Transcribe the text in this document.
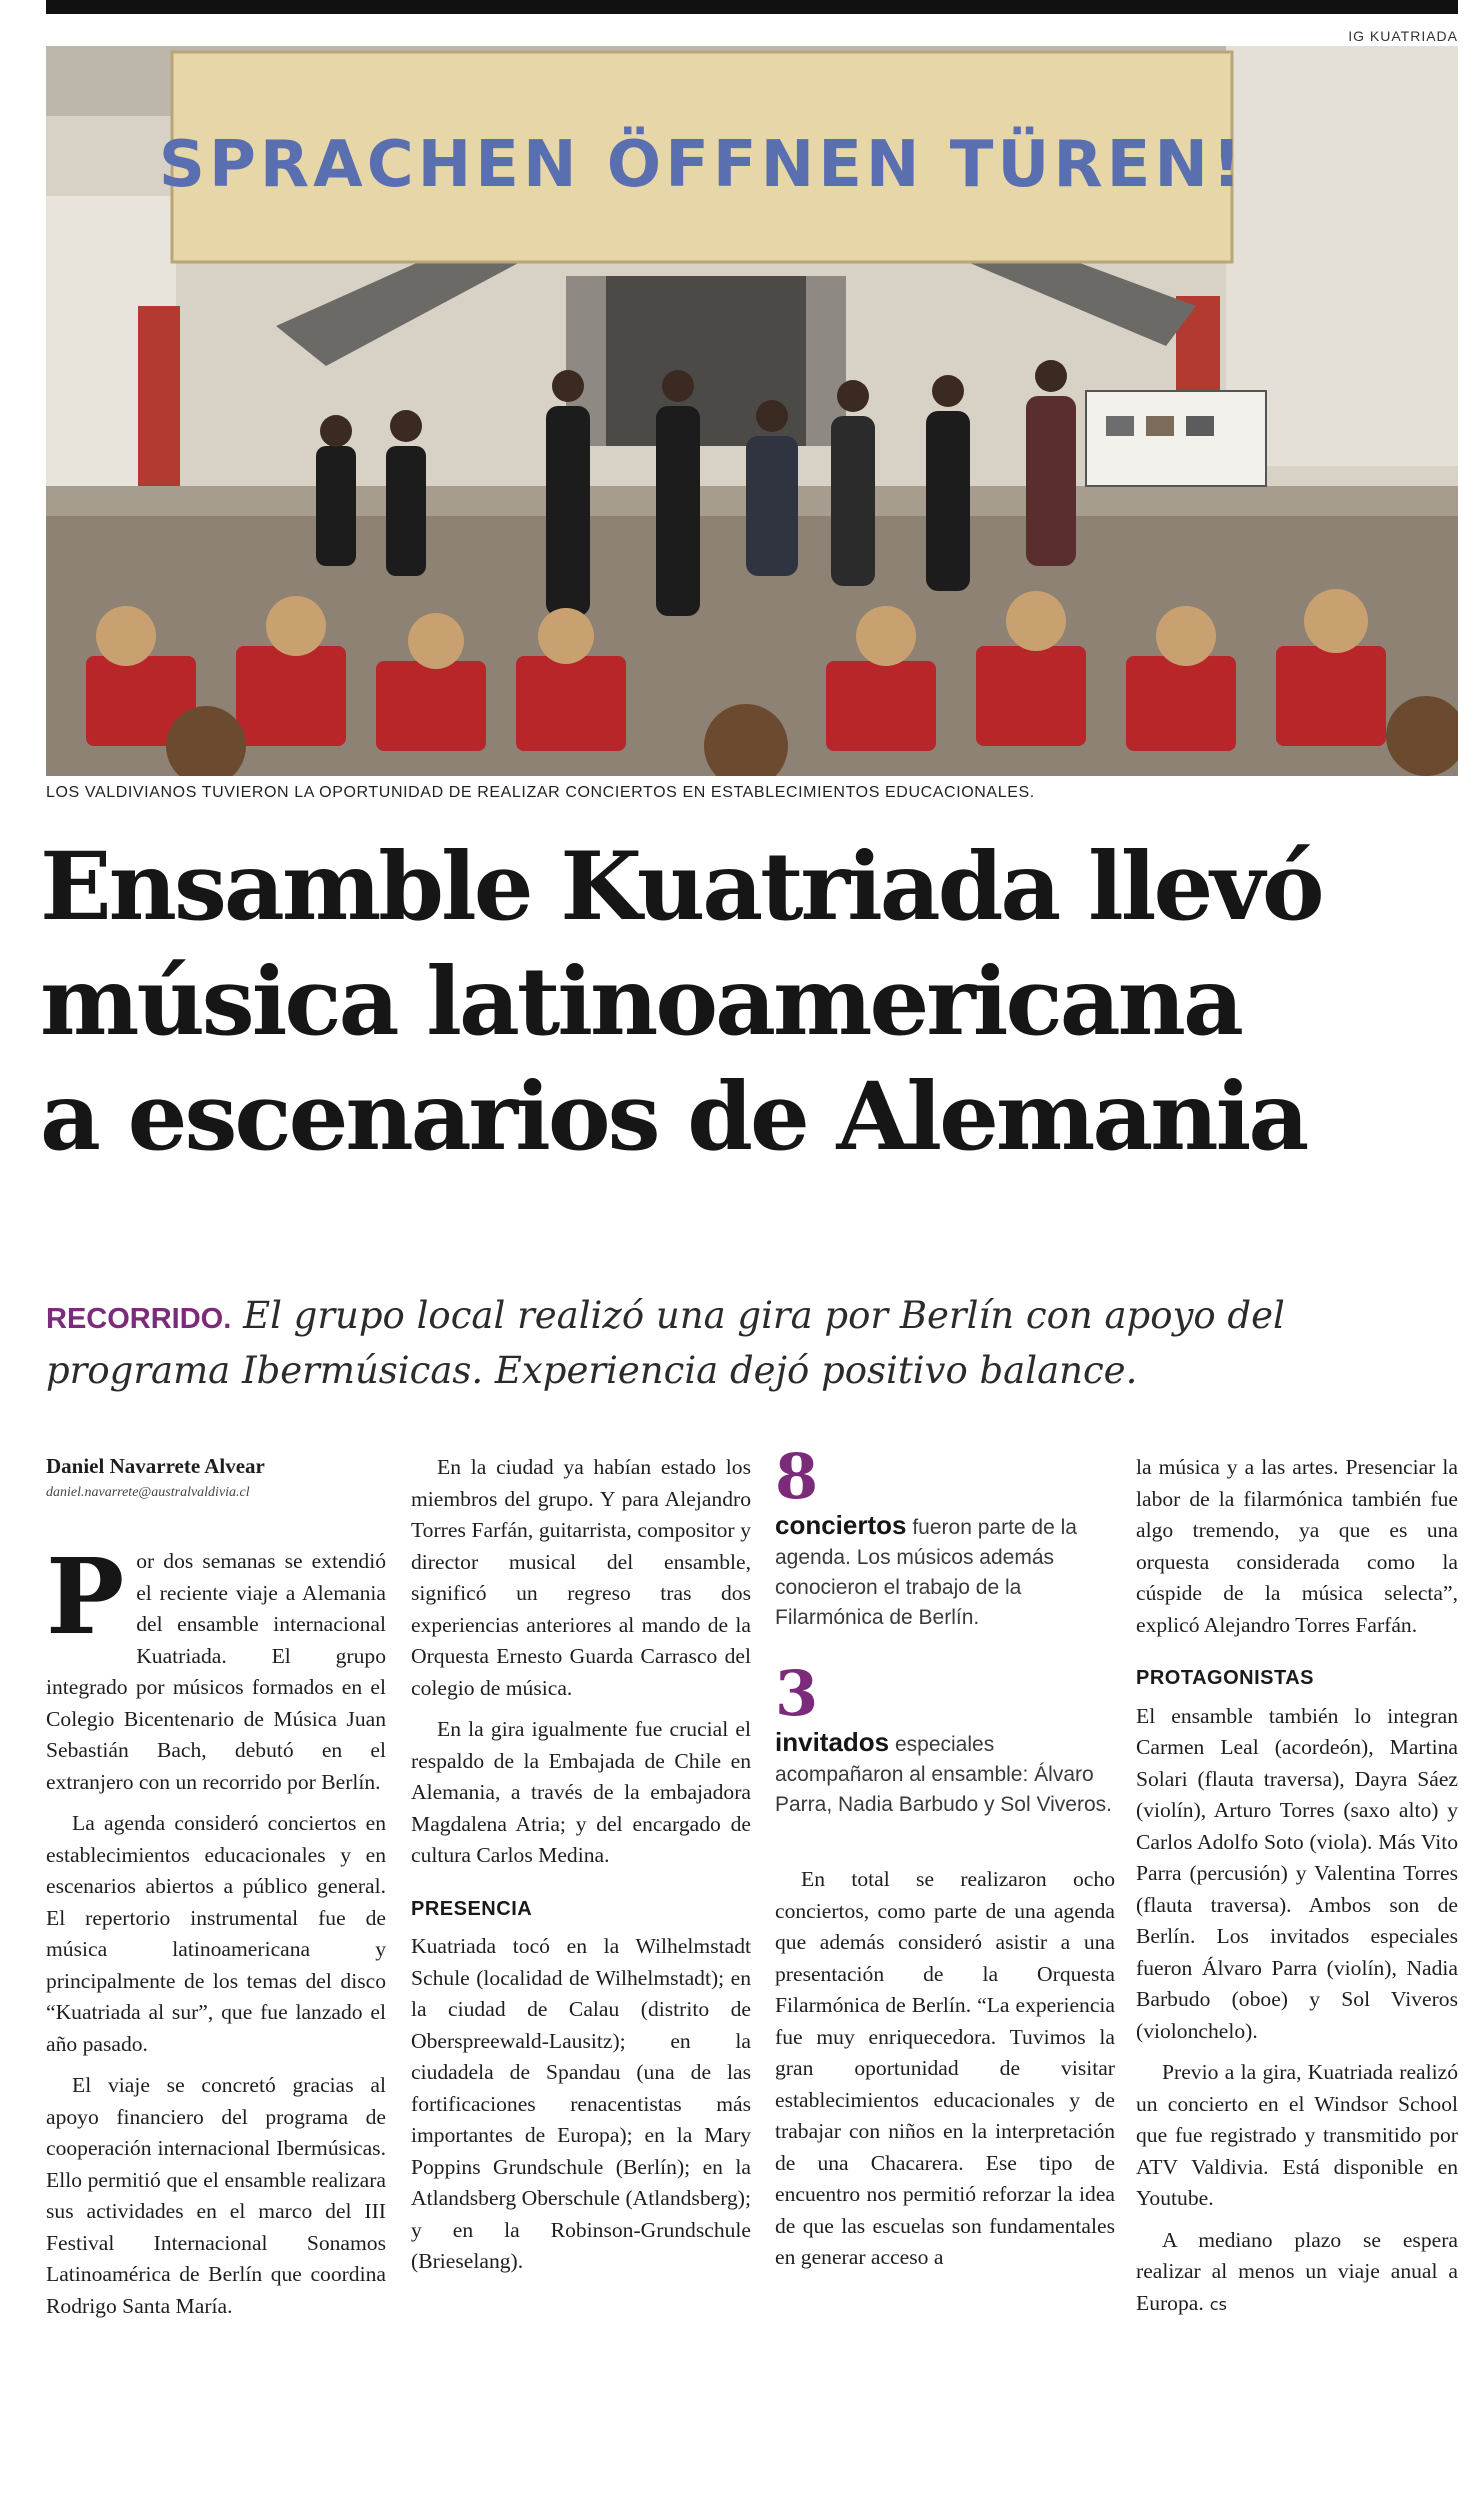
IG KUATRIADA
SPRACHEN ÖFFNEN TÜREN!
LOS VALDIVIANOS TUVIERON LA OPORTUNIDAD DE REALIZAR CONCIERTOS EN ESTABLECIMIENTOS EDUCACIONALES.
Ensamble Kuatriada llevó
música latinoamericana
a escenarios de Alemania
RECORRIDO. El grupo local realizó una gira por Berlín con apoyo del programa Ibermúsicas. Experiencia dejó positivo balance.
Daniel Navarrete Alvear
daniel.navarrete@australvaldivia.cl

Por dos semanas se extendió el reciente viaje a Alemania del ensamble internacional Kuatriada. El grupo integrado por músicos formados en el Colegio Bicentenario de Música Juan Sebastián Bach, debutó en el extranjero con un recorrido por Berlín.

La agenda consideró conciertos en establecimientos educacionales y en escenarios abiertos a público general. El repertorio instrumental fue de música latinoamericana y principalmente de los temas del disco “Kuatriada al sur”, que fue lanzado el año pasado.

El viaje se concretó gracias al apoyo financiero del programa de cooperación internacional Ibermúsicas. Ello permitió que el ensamble realizara sus actividades en el marco del III Festival Internacional Sonamos Latinoamérica de Berlín que coordina Rodrigo Santa María.

En la ciudad ya habían estado los miembros del grupo. Y para Alejandro Torres Farfán, guitarrista, compositor y director musical del ensamble, significó un regreso tras dos experiencias anteriores al mando de la Orquesta Ernesto Guarda Carrasco del colegio de música.

En la gira igualmente fue crucial el respaldo de la Embajada de Chile en Alemania, a través de la embajadora Magdalena Atria; y del encargado de cultura Carlos Medina.

PRESENCIA

Kuatriada tocó en la Wilhelmstadt Schule (localidad de Wilhelmstadt); en la ciudad de Calau (distrito de Oberspreewald-Lausitz); en la ciudadela de Spandau (una de las fortificaciones renacentistas más importantes de Europa); en la Mary Poppins Grundschule (Berlín); en la Atlandsberg Oberschule (Atlandsberg); y en la Robinson-Grundschule (Brieselang).

8
conciertos fueron parte de la agenda. Los músicos además conocieron el trabajo de la Filarmónica de Berlín.
3
invitados especiales acompañaron al ensamble: Álvaro Parra, Nadia Barbudo y Sol Viveros.

En total se realizaron ocho conciertos, como parte de una agenda que además consideró asistir a una presentación de la Orquesta Filarmónica de Berlín. “La experiencia fue muy enriquecedora. Tuvimos la gran oportunidad de visitar establecimientos educacionales y de trabajar con niños en la interpretación de una Chacarera. Ese tipo de encuentro nos permitió reforzar la idea de que las escuelas son fundamentales en generar acceso a

la música y a las artes. Presenciar la labor de la filarmónica también fue algo tremendo, ya que es una orquesta considerada como la cúspide de la música selecta”, explicó Alejandro Torres Farfán.

PROTAGONISTAS

El ensamble también lo integran Carmen Leal (acordeón), Martina Solari (flauta traversa), Dayra Sáez (violín), Arturo Torres (saxo alto) y Carlos Adolfo Soto (viola). Más Vito Parra (percusión) y Valentina Torres (flauta traversa). Ambos son de Berlín. Los invitados especiales fueron Álvaro Parra (violín), Nadia Barbudo (oboe) y Sol Viveros (violonchelo).

Previo a la gira, Kuatriada realizó un concierto en el Windsor School que fue registrado y transmitido por ATV Valdivia. Está disponible en Youtube.

A mediano plazo se espera realizar al menos un viaje anual a Europa. cs
